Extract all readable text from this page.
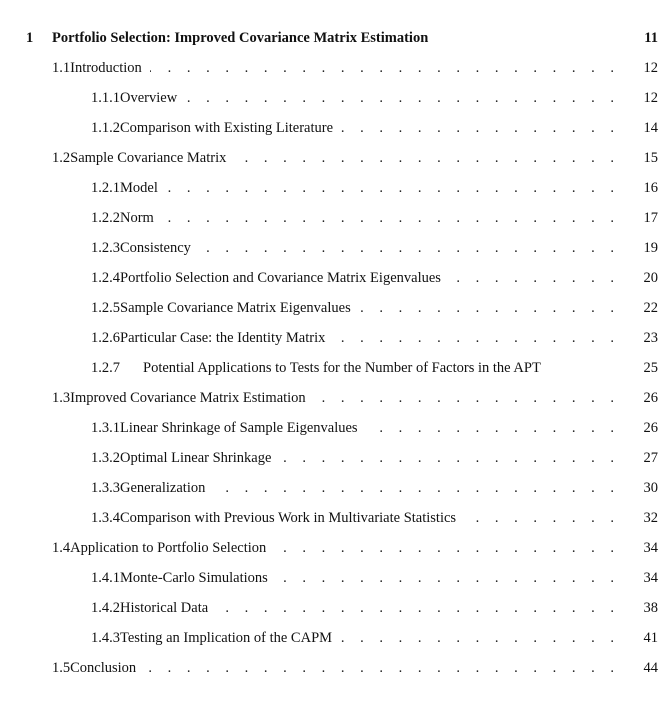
1	Portfolio Selection: Improved Covariance Matrix Estimation	11
1.1 Introduction . . .	12
1.1.1 Overview . . .	12
1.1.2 Comparison with Existing Literature . . .	14
1.2 Sample Covariance Matrix . . .	15
1.2.1 Model . . .	16
1.2.2 Norm . . .	17
1.2.3 Consistency . . .	19
1.2.4 Portfolio Selection and Covariance Matrix Eigenvalues . . .	20
1.2.5 Sample Covariance Matrix Eigenvalues . . .	22
1.2.6 Particular Case: the Identity Matrix . . .	23
1.2.7	Potential Applications to Tests for the Number of Factors in the APT	25
1.3 Improved Covariance Matrix Estimation . . .	26
1.3.1 Linear Shrinkage of Sample Eigenvalues . . .	26
1.3.2 Optimal Linear Shrinkage . . .	27
1.3.3 Generalization . . .	30
1.3.4 Comparison with Previous Work in Multivariate Statistics . . .	32
1.4 Application to Portfolio Selection . . .	34
1.4.1 Monte-Carlo Simulations . . .	34
1.4.2 Historical Data . . .	38
1.4.3 Testing an Implication of the CAPM . . .	41
1.5 Conclusion . . .	44
